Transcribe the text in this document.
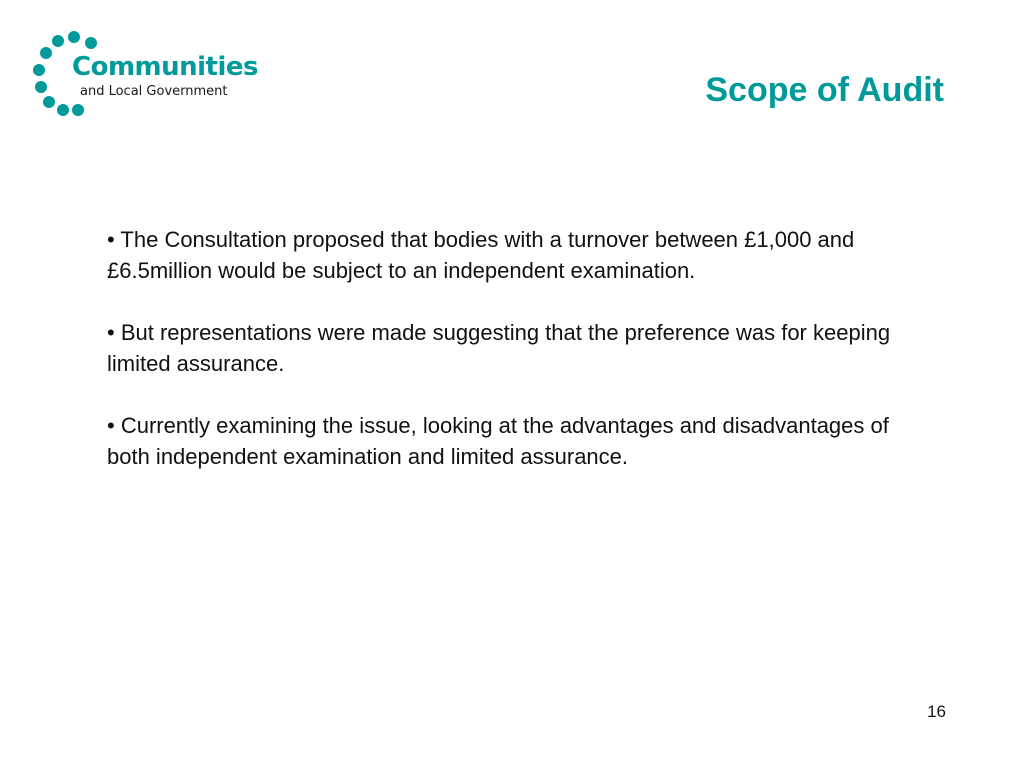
Communities
and Local Government	Scope of Audit

• The Consultation proposed that bodies with a turnover between £1,000 and £6.5million would be subject to an independent examination.

• But representations were made suggesting that the preference was for keeping limited assurance.

• Currently examining the issue, looking at the advantages and disadvantages of both independent examination and limited assurance.

16
